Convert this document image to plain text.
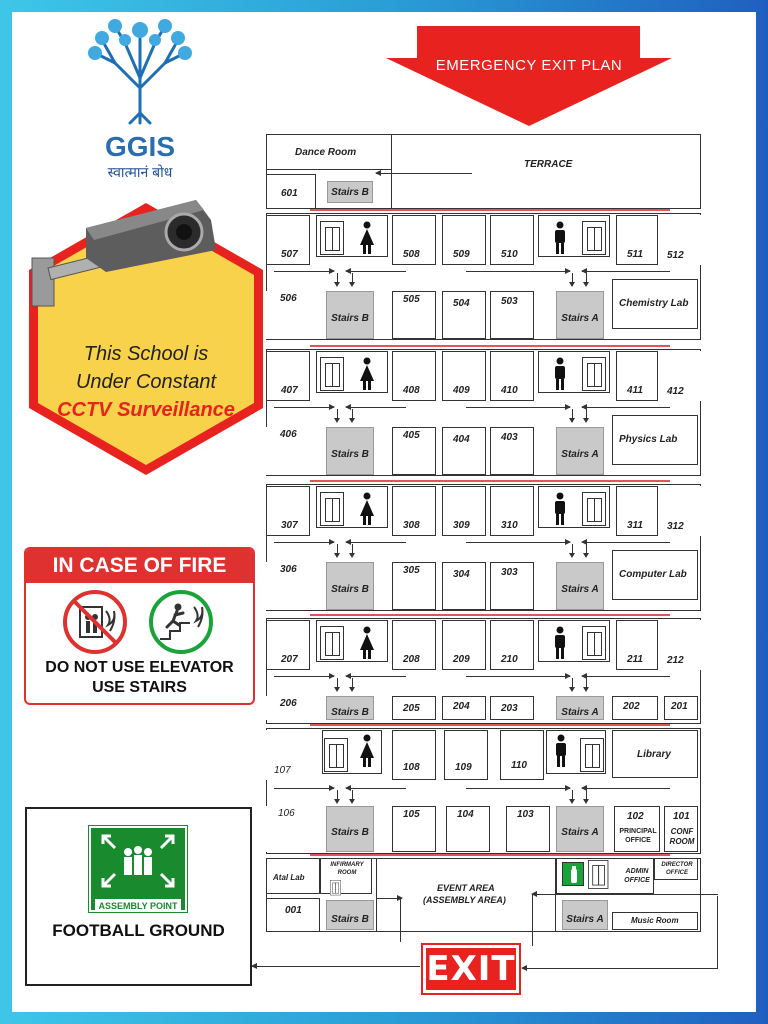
GGIS
स्वात्मानं बोध
EMERGENCY EXIT PLAN
This School is
Under Constant
CCTV Surveillance
IN CASE OF FIRE
DO NOT USE ELEVATOR
USE STAIRS
ASSEMBLY POINT
FOOTBALL GROUND
EXIT
Dance Room
TERRACE
601	Stairs B
507	508	509	510	511 512
506
Stairs B
505	504	503
Stairs A
Chemistry Lab
407	408	409	410	411 412
406
Stairs B
405	404	403
Stairs A
Physics Lab
307	308	309	310	311 312
306
Stairs B
305	304	303
Stairs A
Computer Lab
207	208	209	210	211 212
206
Stairs B	205	204	203	Stairs A
202	201
107	108	109	110
Library
106
Stairs B
105	104	103
Stairs A
102
PRINCIPAL OFFICE
101
CONF ROOM
Atal Lab
INFIRMARY ROOM
001
Stairs B
EVENT AREA
(ASSEMBLY AREA)
ADMIN OFFICE
DIRECTOR OFFICE
Stairs A	Music Room
